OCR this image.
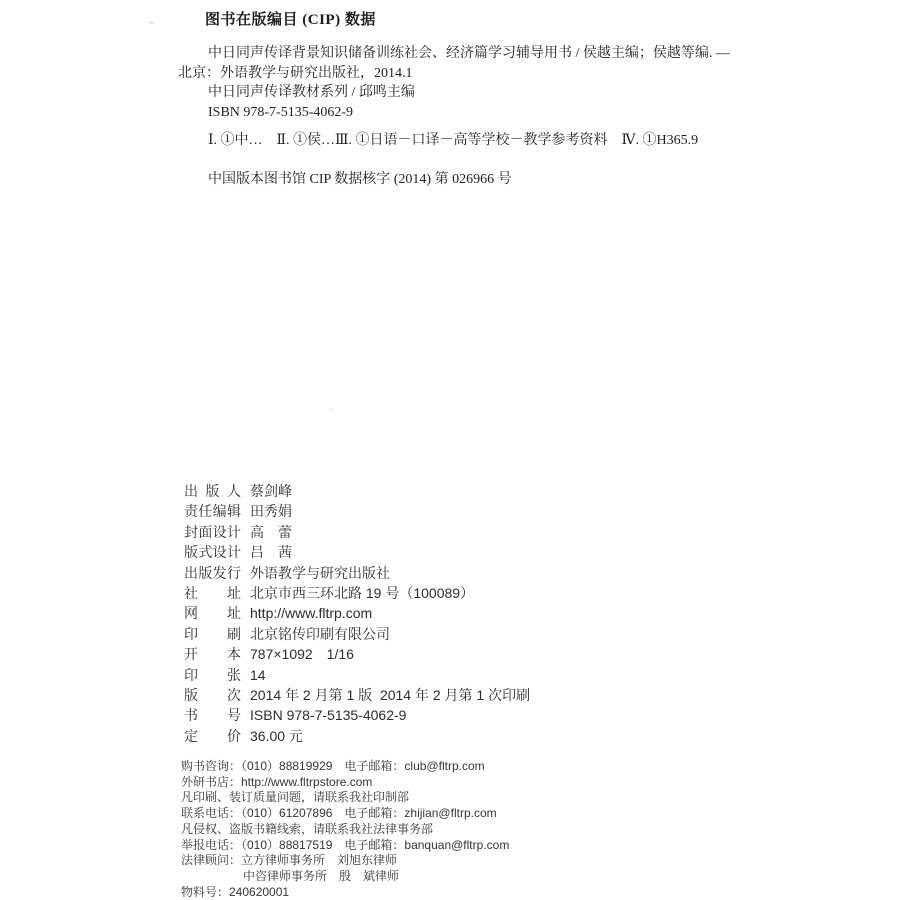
图书在版编目 (CIP) 数据
中日同声传译背景知识储备训练社会、经济篇学习辅导用书 / 侯越主编；侯越等编. —
北京：外语教学与研究出版社，2014.1
中日同声传译教材系列 / 邱鸣主编
ISBN 978-7-5135-4062-9
Ⅰ. ①中…　Ⅱ. ①侯…Ⅲ. ①日语－口译－高等学校－教学参考资料　Ⅳ. ①H365.9
中国版本图书馆 CIP 数据核字 (2014) 第 026966 号
出版人 蔡剑峰
责任编辑 田秀娟
封面设计 高　蕾
版式设计 吕　茜
出版发行 外语教学与研究出版社
社址 北京市西三环北路 19 号（100089）
网址 http://www.fltrp.com
印刷 北京铭传印刷有限公司
开本 787×1092　1/16
印张 14
版次 2014 年 2 月第 1 版  2014 年 2 月第 1 次印刷
书号 ISBN 978-7-5135-4062-9
定价 36.00 元
购书咨询：（010）88819929　电子邮箱：club@fltrp.com
外研书店：http://www.fltrpstore.com
凡印刷、装订质量问题，请联系我社印制部
联系电话：（010）61207896　电子邮箱：zhijian@fltrp.com
凡侵权、盗版书籍线索，请联系我社法律事务部
举报电话：（010）88817519　电子邮箱：banquan@fltrp.com
法律顾问：立方律师事务所　刘旭东律师
中咨律师事务所　殷　斌律师
物料号：240620001
